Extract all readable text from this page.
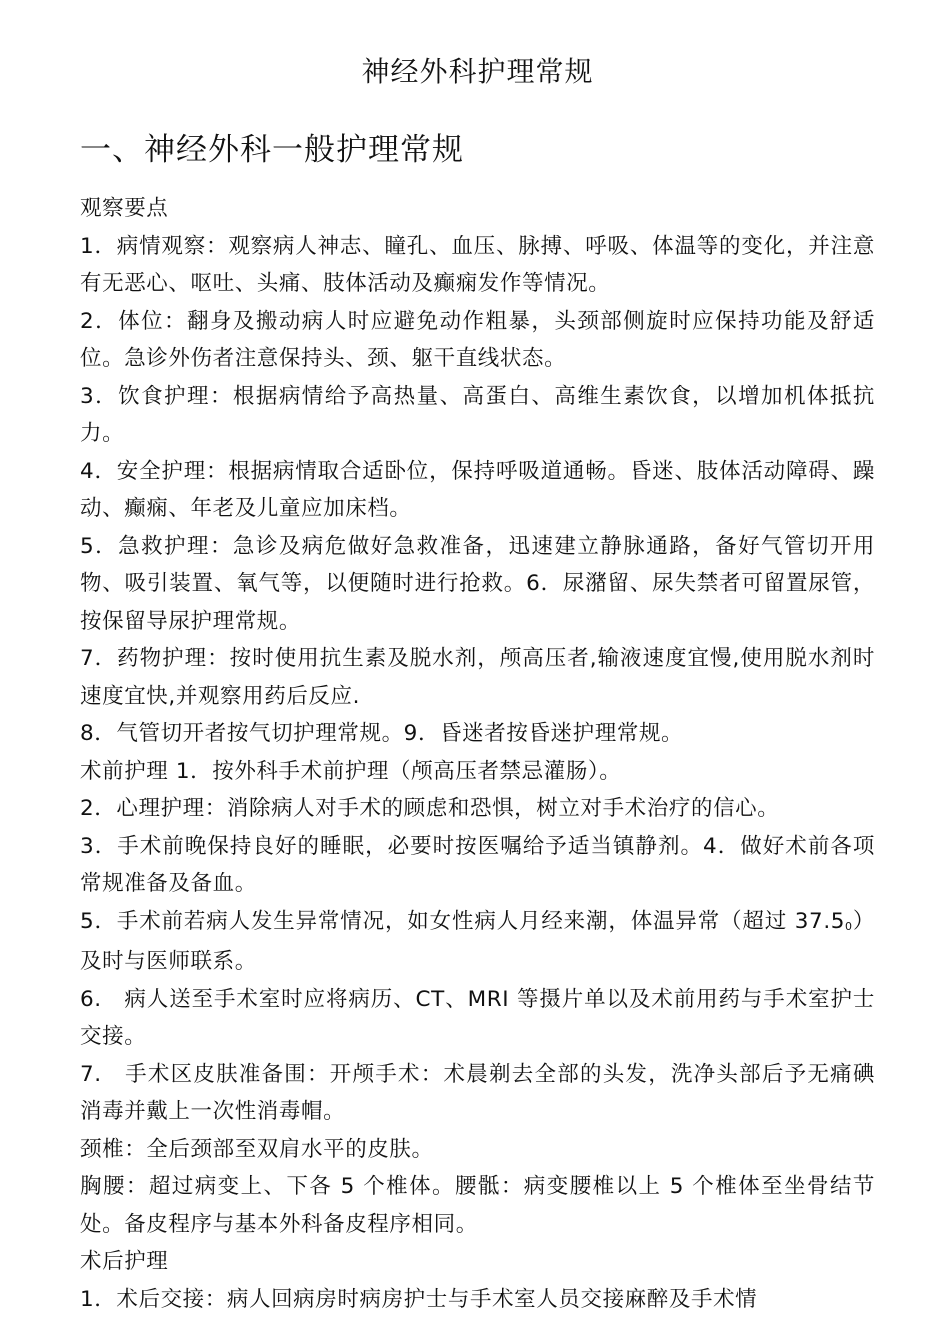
神经外科护理常规
一、神经外科一般护理常规

观察要点

1．病情观察：观察病人神志、瞳孔、血压、脉搏、呼吸、体温等的变化，并注意有无恶心、呕吐、头痛、肢体活动及癫痫发作等情况。

2．体位：翻身及搬动病人时应避免动作粗暴，头颈部侧旋时应保持功能及舒适位。急诊外伤者注意保持头、颈、躯干直线状态。

3．饮食护理：根据病情给予高热量、高蛋白、高维生素饮食，以增加机体抵抗力。

4．安全护理：根据病情取合适卧位，保持呼吸道通畅。昏迷、肢体活动障碍、躁动、癫痫、年老及儿童应加床档。

5．急救护理：急诊及病危做好急救准备，迅速建立静脉通路，备好气管切开用物、吸引装置、氧气等，以便随时进行抢救。6．尿潴留、尿失禁者可留置尿管，按保留导尿护理常规。

7．药物护理：按时使用抗生素及脱水剂，颅高压者,输液速度宜慢,使用脱水剂时速度宜快,并观察用药后反应.

8．气管切开者按气切护理常规。9．昏迷者按昏迷护理常规。

术前护理 1．按外科手术前护理（颅高压者禁忌灌肠）。

2．心理护理：消除病人对手术的顾虑和恐惧，树立对手术治疗的信心。

3．手术前晚保持良好的睡眠，必要时按医嘱给予适当镇静剂。4．做好术前各项常规准备及备血。

5．手术前若病人发生异常情况，如女性病人月经来潮，体温异常（超过 $37.5_0$）及时与医师联系。

6.　病人送至手术室时应将病历、CT、MRI 等摄片单以及术前用药与手术室护士交接。

7.　手术区皮肤准备围：开颅手术：术晨剃去全部的头发，洗净头部后予无痛碘消毒并戴上一次性消毒帽。

颈椎：全后颈部至双肩水平的皮肤。

胸腰：超过病变上、下各 5 个椎体。腰骶：病变腰椎以上 5 个椎体至坐骨结节处。备皮程序与基本外科备皮程序相同。

术后护理

1．术后交接：病人回病房时病房护士与手术室人员交接麻醉及手术情
